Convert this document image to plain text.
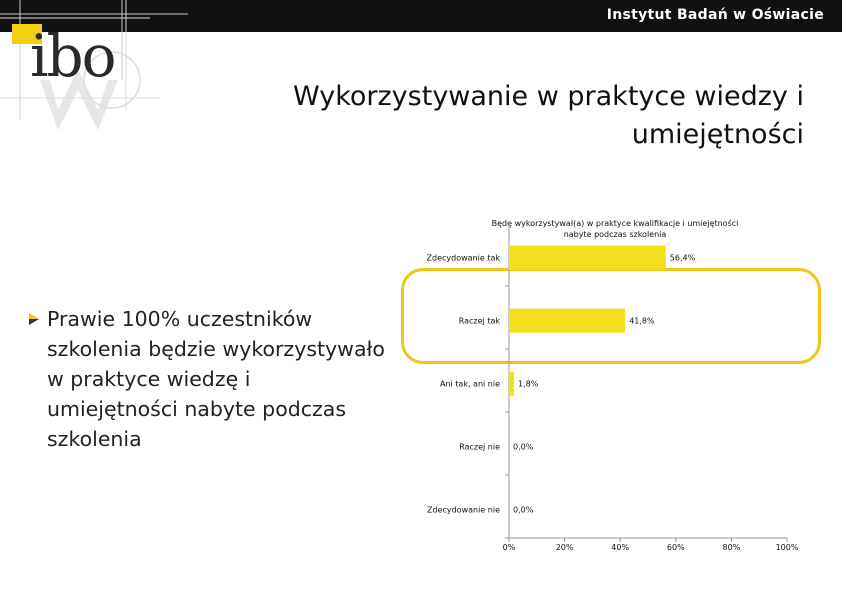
Instytut Badań w Oświacie
ibo
Wykorzystywanie w praktyce wiedzy i
umiejętności
Prawie 100% uczestników szkolenia będzie wykorzystywało w praktyce wiedzę i umiejętności nabyte podczas szkolenia
Będę wykorzystywał(a) w praktyce kwalifikacje i umiejętności
nabyte podczas szkolenia
Zdecydowanie tak	56,4%
Raczej tak	41,8%
Ani tak, ani nie 1,8%
Raczej nie 0,0%
Zdecydowanie nie 0,0%
0%	20%	40%	60%	80%	100%
